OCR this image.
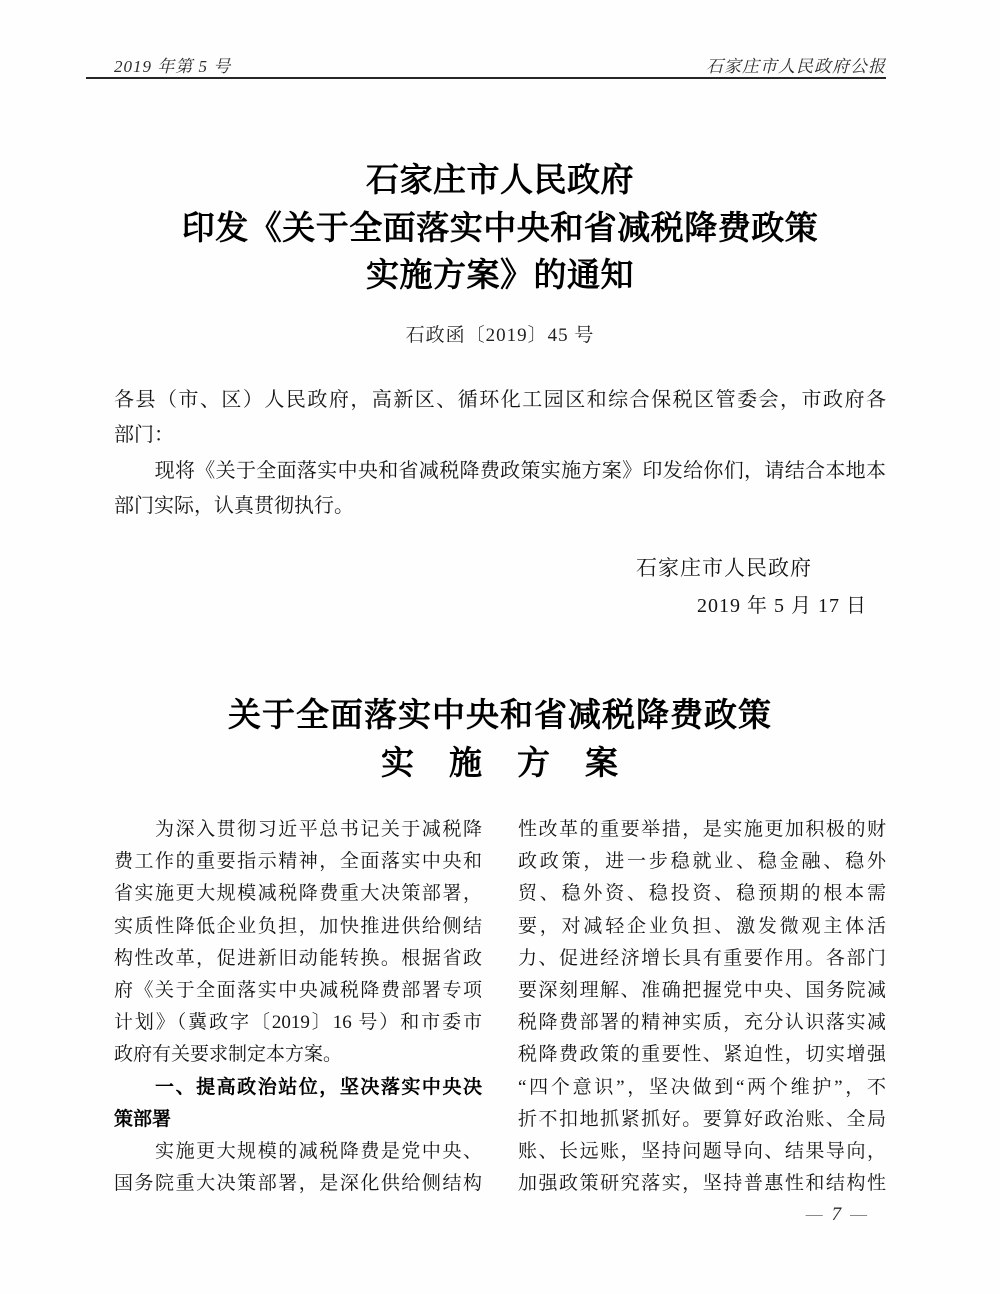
2019 年第 5 号	石家庄市人民政府公报
石家庄市人民政府
印发《关于全面落实中央和省减税降费政策
实施方案》的通知
石政函〔2019〕45 号
各县（市、区）人民政府，高新区、循环化工园区和综合保税区管委会，市政府各
部门：
　　现将《关于全面落实中央和省减税降费政策实施方案》印发给你们，请结合本地本
部门实际，认真贯彻执行。
石家庄市人民政府
2019 年 5 月 17 日
关于全面落实中央和省减税降费政策
实　施　方　案
　　为深入贯彻习近平总书记关于减税降
费工作的重要指示精神，全面落实中央和
省实施更大规模减税降费重大决策部署，
实质性降低企业负担，加快推进供给侧结
构性改革，促进新旧动能转换。根据省政
府《关于全面落实中央减税降费部署专项
计划》（冀政字〔2019〕16 号）和市委市
政府有关要求制定本方案。
　　一、提高政治站位，坚决落实中央决
策部署
　　实施更大规模的减税降费是党中央、
国务院重大决策部署，是深化供给侧结构
性改革的重要举措，是实施更加积极的财
政政策，进一步稳就业、稳金融、稳外
贸、稳外资、稳投资、稳预期的根本需
要，对减轻企业负担、激发微观主体活
力、促进经济增长具有重要作用。各部门
要深刻理解、准确把握党中央、国务院减
税降费部署的精神实质，充分认识落实减
税降费政策的重要性、紧迫性，切实增强
“四个意识”，坚决做到“两个维护”，不
折不扣地抓紧抓好。要算好政治账、全局
账、长远账，坚持问题导向、结果导向，
加强政策研究落实，坚持普惠性和结构性
— 7 —
